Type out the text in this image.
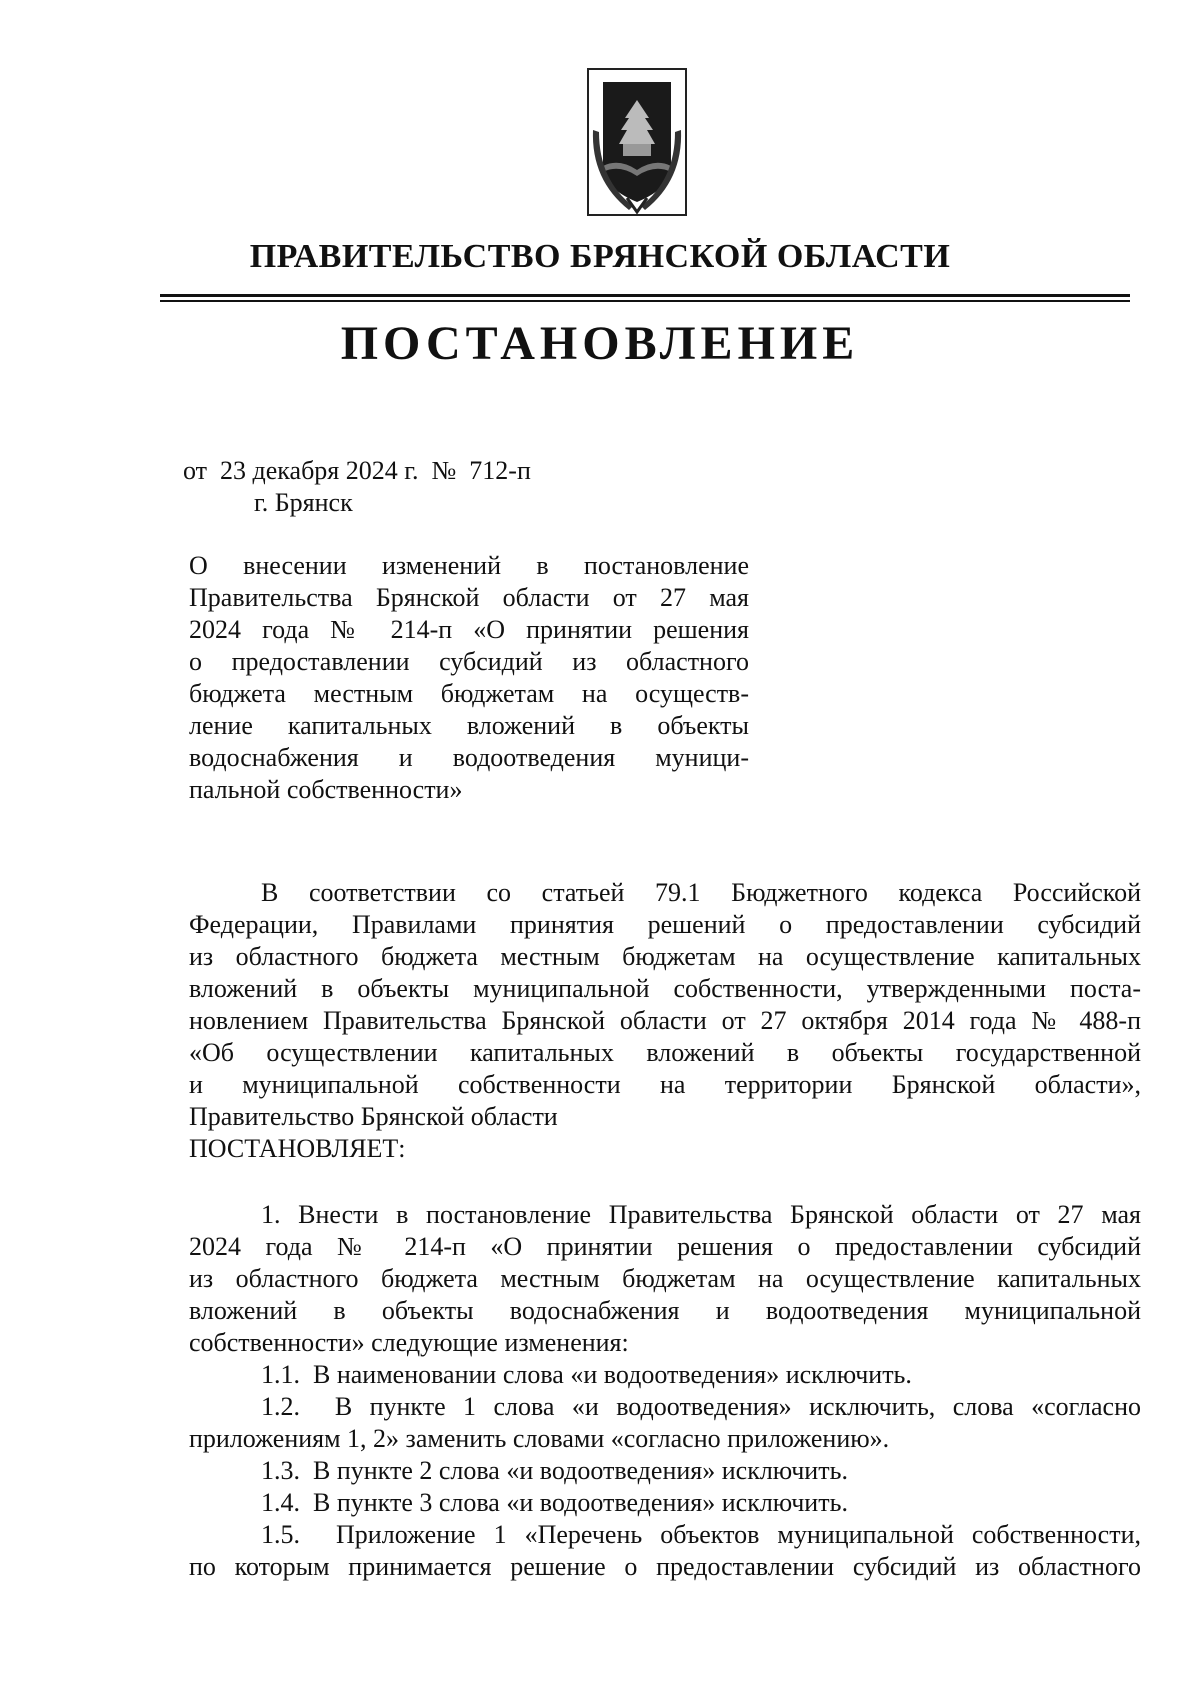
ПРАВИТЕЛЬСТВО БРЯНСКОЙ ОБЛАСТИ
ПОСТАНОВЛЕНИЕ
от  23 декабря 2024 г.  №  712-п
г. Брянск
О   внесении   изменений   в   постановление
Правительства Брянской области от 27 мая
2024 года № 214-п «О принятии решения
о предоставлении субсидий из областного
бюджета местным бюджетам на осуществ-
ление капитальных вложений в объекты
водоснабжения и водоотведения муници-
пальной собственности»
В соответствии со статьей 79.1 Бюджетного кодекса Российской
Федерации, Правилами принятия решений о предоставлении субсидий
из областного бюджета местным бюджетам на осуществление капитальных
вложений в объекты муниципальной собственности, утвержденными поста-
новлением Правительства Брянской области от 27 октября 2014 года № 488-п
«Об осуществлении капитальных вложений в объекты государственной
и муниципальной собственности на территории Брянской области»,
Правительство Брянской области
ПОСТАНОВЛЯЕТ:
1. Внести в постановление Правительства Брянской области от 27 мая
2024 года № 214-п «О принятии решения о предоставлении субсидий
из областного бюджета местным бюджетам на осуществление капитальных
вложений в объекты водоснабжения и водоотведения муниципальной
собственности» следующие изменения:
1.1.  В наименовании слова «и водоотведения» исключить.
1.2.  В пункте 1 слова «и водоотведения» исключить, слова «согласно
приложениям 1, 2» заменить словами «согласно приложению».
1.3.  В пункте 2 слова «и водоотведения» исключить.
1.4.  В пункте 3 слова «и водоотведения» исключить.
1.5.  Приложение 1 «Перечень объектов муниципальной собственности,
по которым принимается решение о предоставлении субсидий из областного
